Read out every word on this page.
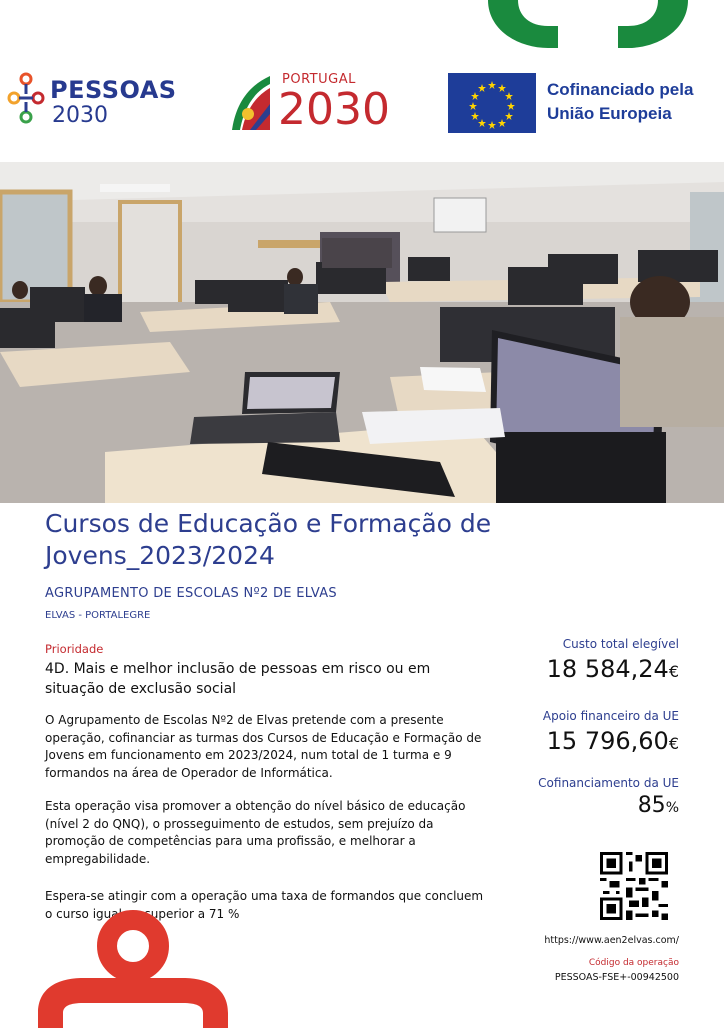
PESSOAS
2030
PORTUGAL
2030	Cofinanciado pela
União Europeia
Cursos de Educação e Formação de
Jovens_2023/2024
AGRUPAMENTO DE ESCOLAS Nº2 DE ELVAS
ELVAS - PORTALEGRE
Prioridade
4D. Mais e melhor inclusão de pessoas em risco ou em situação de exclusão social
O Agrupamento de Escolas Nº2 de Elvas pretende com a presente operação, cofinanciar as turmas dos Cursos de Educação e Formação de Jovens em funcionamento em 2023/2024, num total de 1 turma e 9 formandos na área de Operador de Informática.
Esta operação visa promover a obtenção do nível básico de educação (nível 2 do QNQ), o prosseguimento de estudos, sem prejuízo da promoção de competências para uma profissão, e melhorar a empregabilidade.
Espera-se atingir com a operação uma taxa de formandos que concluem o curso igual ou superior a 71 %
Custo total elegível
18 584,24€
Apoio financeiro da UE
15 796,60€
Cofinanciamento da UE
85%
https://www.aen2elvas.com/
Código da operação
PESSOAS-FSE+-00942500
